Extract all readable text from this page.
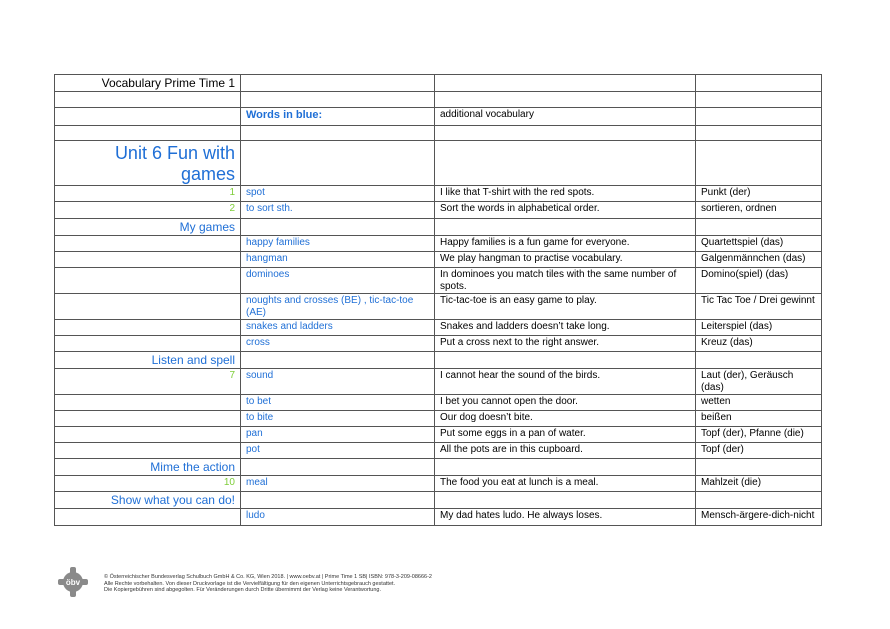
Vocabulary Prime Time 1			

	Words in blue:	additional vocabulary	

Unit 6 Fun with games			
1	spot	I like that T-shirt with the red spots.	Punkt (der)
2	to sort sth.	Sort the words in alphabetical order.	sortieren, ordnen
My games			
	happy families	Happy families is a fun game for everyone.	Quartettspiel (das)
	hangman	We play hangman to practise vocabulary.	Galgenmännchen (das)
	dominoes	In dominoes you match tiles with the same number of spots.	Domino(spiel) (das)
	noughts and crosses (BE) , tic-tac-toe (AE)	Tic-tac-toe is an easy game to play.	Tic Tac Toe / Drei gewinnt
	snakes and ladders	Snakes and ladders doesn’t take long.	Leiterspiel (das)
	cross	Put a cross next to the right answer.	Kreuz (das)
Listen and spell			
7	sound	I cannot hear the sound of the birds.	Laut (der), Geräusch (das)
	to bet	I bet you cannot open the door.	wetten
	to bite	Our dog doesn’t bite.	beißen
	pan	Put some eggs in a pan of water.	Topf (der), Pfanne (die)
	pot	All the pots are in this cupboard.	Topf (der)
Mime the action			
10	meal	The food you eat at lunch is a meal.	Mahlzeit (die)
Show what you can do!			
	ludo	My dad hates ludo. He always loses.	Mensch-ärgere-dich-nicht
öbv
© Österreichischer Bundesverlag Schulbuch GmbH & Co. KG, Wien 2018. | www.oebv.at | Prime Time 1 SB| ISBN: 978-3-209-08666-2
Alle Rechte vorbehalten. Von dieser Druckvorlage ist die Vervielfältigung für den eigenen Unterrichtsgebrauch gestattet.
Die Kopiergebühren sind abgegolten. Für Veränderungen durch Dritte übernimmt der Verlag keine Verantwortung.
